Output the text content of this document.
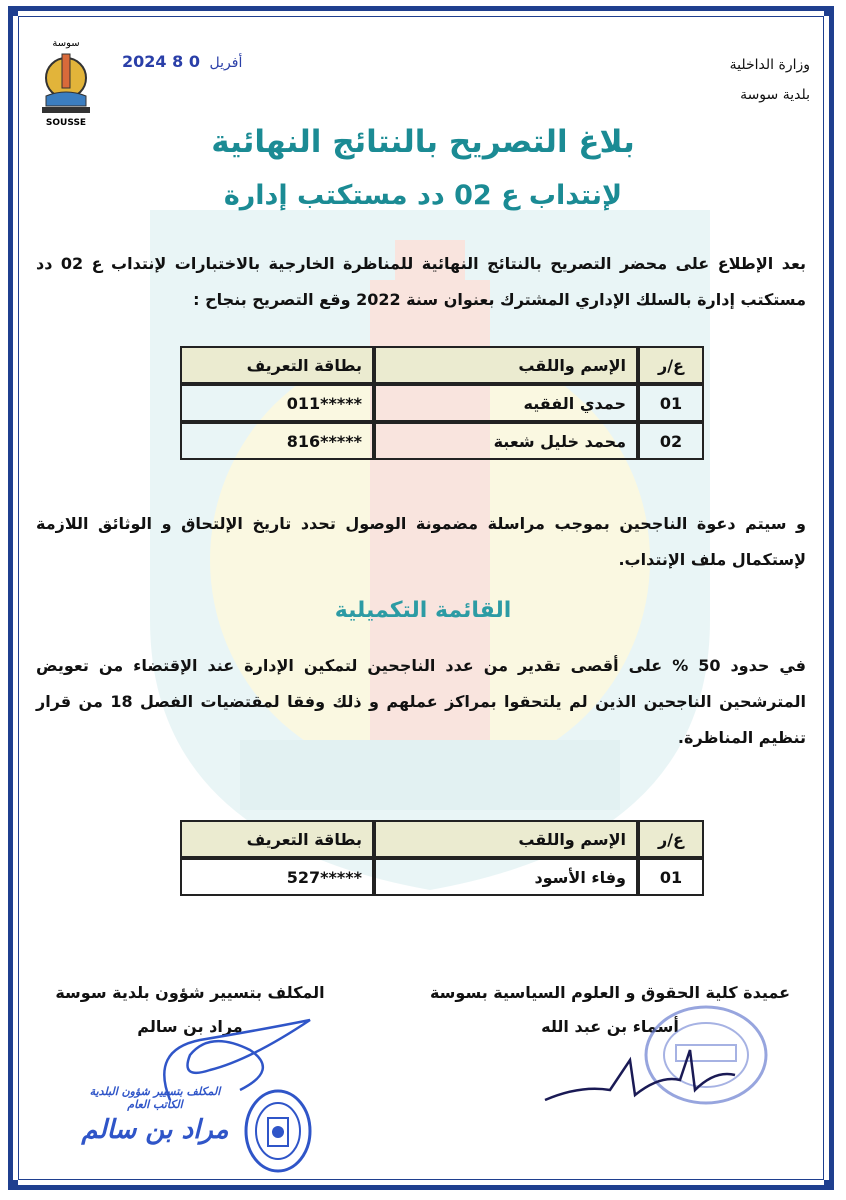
سوسة
SOUSSE
وزارة الداخلية
بلدية سوسة
2024	أفريل 0 8
بلاغ التصريح بالنتائج النهائية
لإنتداب ع 02 دد مستكتب إدارة
بعد الإطلاع على محضر التصريح بالنتائج النهائية للمناظرة الخارجية بالاختبارات لإنتداب ع 02 دد مستكتب إدارة بالسلك الإداري المشترك بعنوان سنة 2022 وقع التصريح بنجاح :
ع/ر	الإسم واللقب	بطاقة التعريف
01	حمدي الفقيه	011*****
02	محمد خليل شعبة	816*****
و سيتم دعوة الناجحين بموجب مراسلة مضمونة الوصول تحدد تاريخ الإلتحاق و الوثائق اللازمة لإستكمال ملف الإنتداب.
القائمة التكميلية
في حدود 50 % على أقصى تقدير من عدد الناجحين لتمكين الإدارة عند الإقتضاء من تعويض المترشحين الناجحين الذين لم يلتحقوا بمراكز عملهم و ذلك وفقا لمقتضيات الفصل 18 من قرار تنظيم المناظرة.
ع/ر	الإسم واللقب	بطاقة التعريف
01	وفاء الأسود	527*****
عميدة كلية الحقوق و العلوم السياسية بسوسة
أسماء بن عبد الله
المكلف بتسيير شؤون بلدية سوسة
مراد بن سالم
المكلف بتسيير شؤون البلدية
الكاتب العام
مراد بن سالم
